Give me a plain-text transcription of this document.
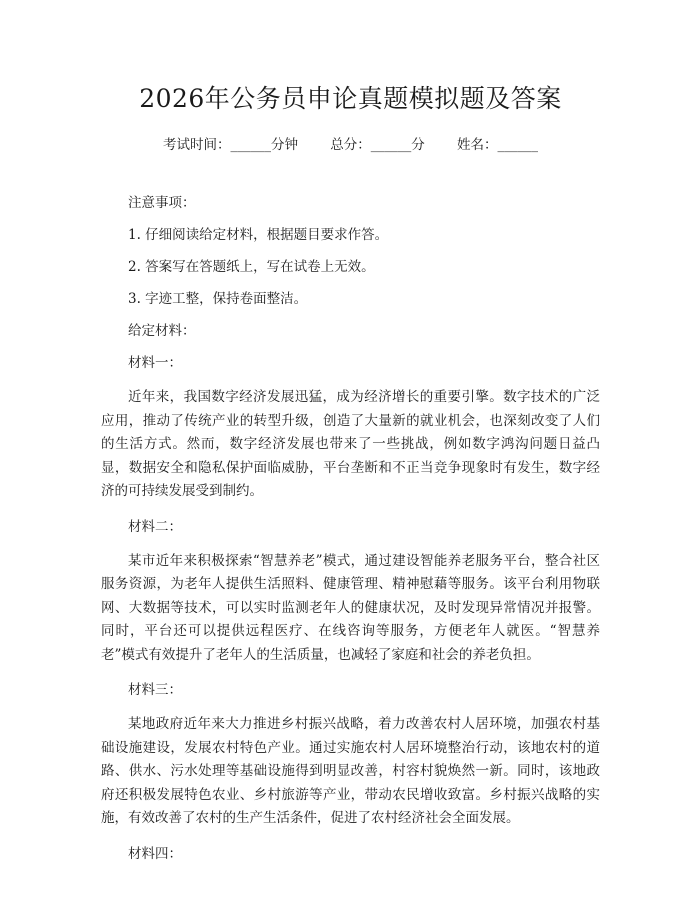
2026年公务员申论真题模拟题及答案
考试时间：______分钟 总分：______分 姓名：______

注意事项：

1. 仔细阅读给定材料，根据题目要求作答。

2. 答案写在答题纸上，写在试卷上无效。

3. 字迹工整，保持卷面整洁。

给定材料：

材料一：

近年来，我国数字经济发展迅猛，成为经济增长的重要引擎。数字技术的广泛应用，推动了传统产业的转型升级，创造了大量新的就业机会，也深刻改变了人们的生活方式。然而，数字经济发展也带来了一些挑战，例如数字鸿沟问题日益凸显，数据安全和隐私保护面临威胁，平台垄断和不正当竞争现象时有发生，数字经济的可持续发展受到制约。

材料二：

某市近年来积极探索“智慧养老”模式，通过建设智能养老服务平台，整合社区服务资源，为老年人提供生活照料、健康管理、精神慰藉等服务。该平台利用物联网、大数据等技术，可以实时监测老年人的健康状况，及时发现异常情况并报警。同时，平台还可以提供远程医疗、在线咨询等服务，方便老年人就医。“智慧养老”模式有效提升了老年人的生活质量，也减轻了家庭和社会的养老负担。

材料三：

某地政府近年来大力推进乡村振兴战略，着力改善农村人居环境，加强农村基础设施建设，发展农村特色产业。通过实施农村人居环境整治行动，该地农村的道路、供水、污水处理等基础设施得到明显改善，村容村貌焕然一新。同时，该地政府还积极发展特色农业、乡村旅游等产业，带动农民增收致富。乡村振兴战略的实施，有效改善了农村的生产生活条件，促进了农村经济社会全面发展。

材料四：
